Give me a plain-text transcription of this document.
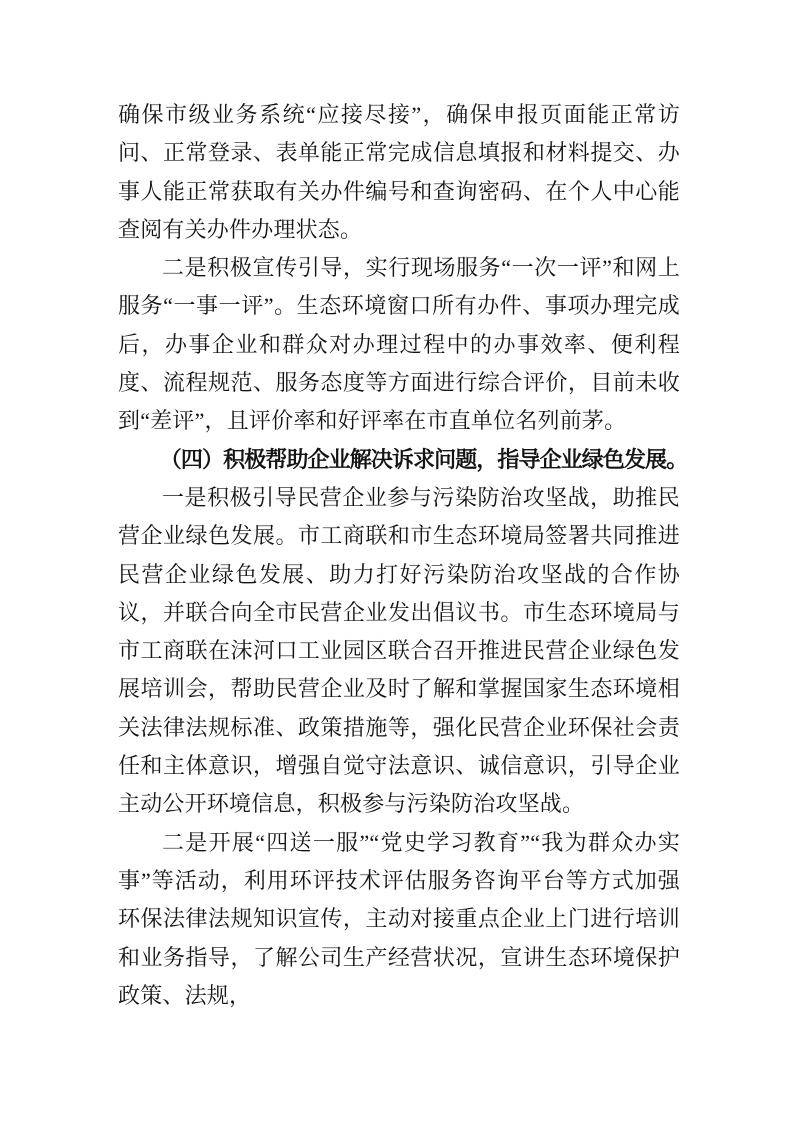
确保市级业务系统“应接尽接”，确保申报页面能正常访问、正常登录、表单能正常完成信息填报和材料提交、办事人能正常获取有关办件编号和查询密码、在个人中心能查阅有关办件办理状态。

二是积极宣传引导，实行现场服务“一次一评”和网上服务“一事一评”。生态环境窗口所有办件、事项办理完成后，办事企业和群众对办理过程中的办事效率、便利程度、流程规范、服务态度等方面进行综合评价，目前未收到“差评”，且评价率和好评率在市直单位名列前茅。

（四）积极帮助企业解决诉求问题，指导企业绿色发展。

一是积极引导民营企业参与污染防治攻坚战，助推民营企业绿色发展。市工商联和市生态环境局签署共同推进民营企业绿色发展、助力打好污染防治攻坚战的合作协议，并联合向全市民营企业发出倡议书。市生态环境局与市工商联在沫河口工业园区联合召开推进民营企业绿色发展培训会，帮助民营企业及时了解和掌握国家生态环境相关法律法规标准、政策措施等，强化民营企业环保社会责任和主体意识，增强自觉守法意识、诚信意识，引导企业主动公开环境信息，积极参与污染防治攻坚战。

二是开展“四送一服”“党史学习教育”“我为群众办实事”等活动，利用环评技术评估服务咨询平台等方式加强环保法律法规知识宣传，主动对接重点企业上门进行培训和业务指导，了解公司生产经营状况，宣讲生态环境保护政策、法规，
